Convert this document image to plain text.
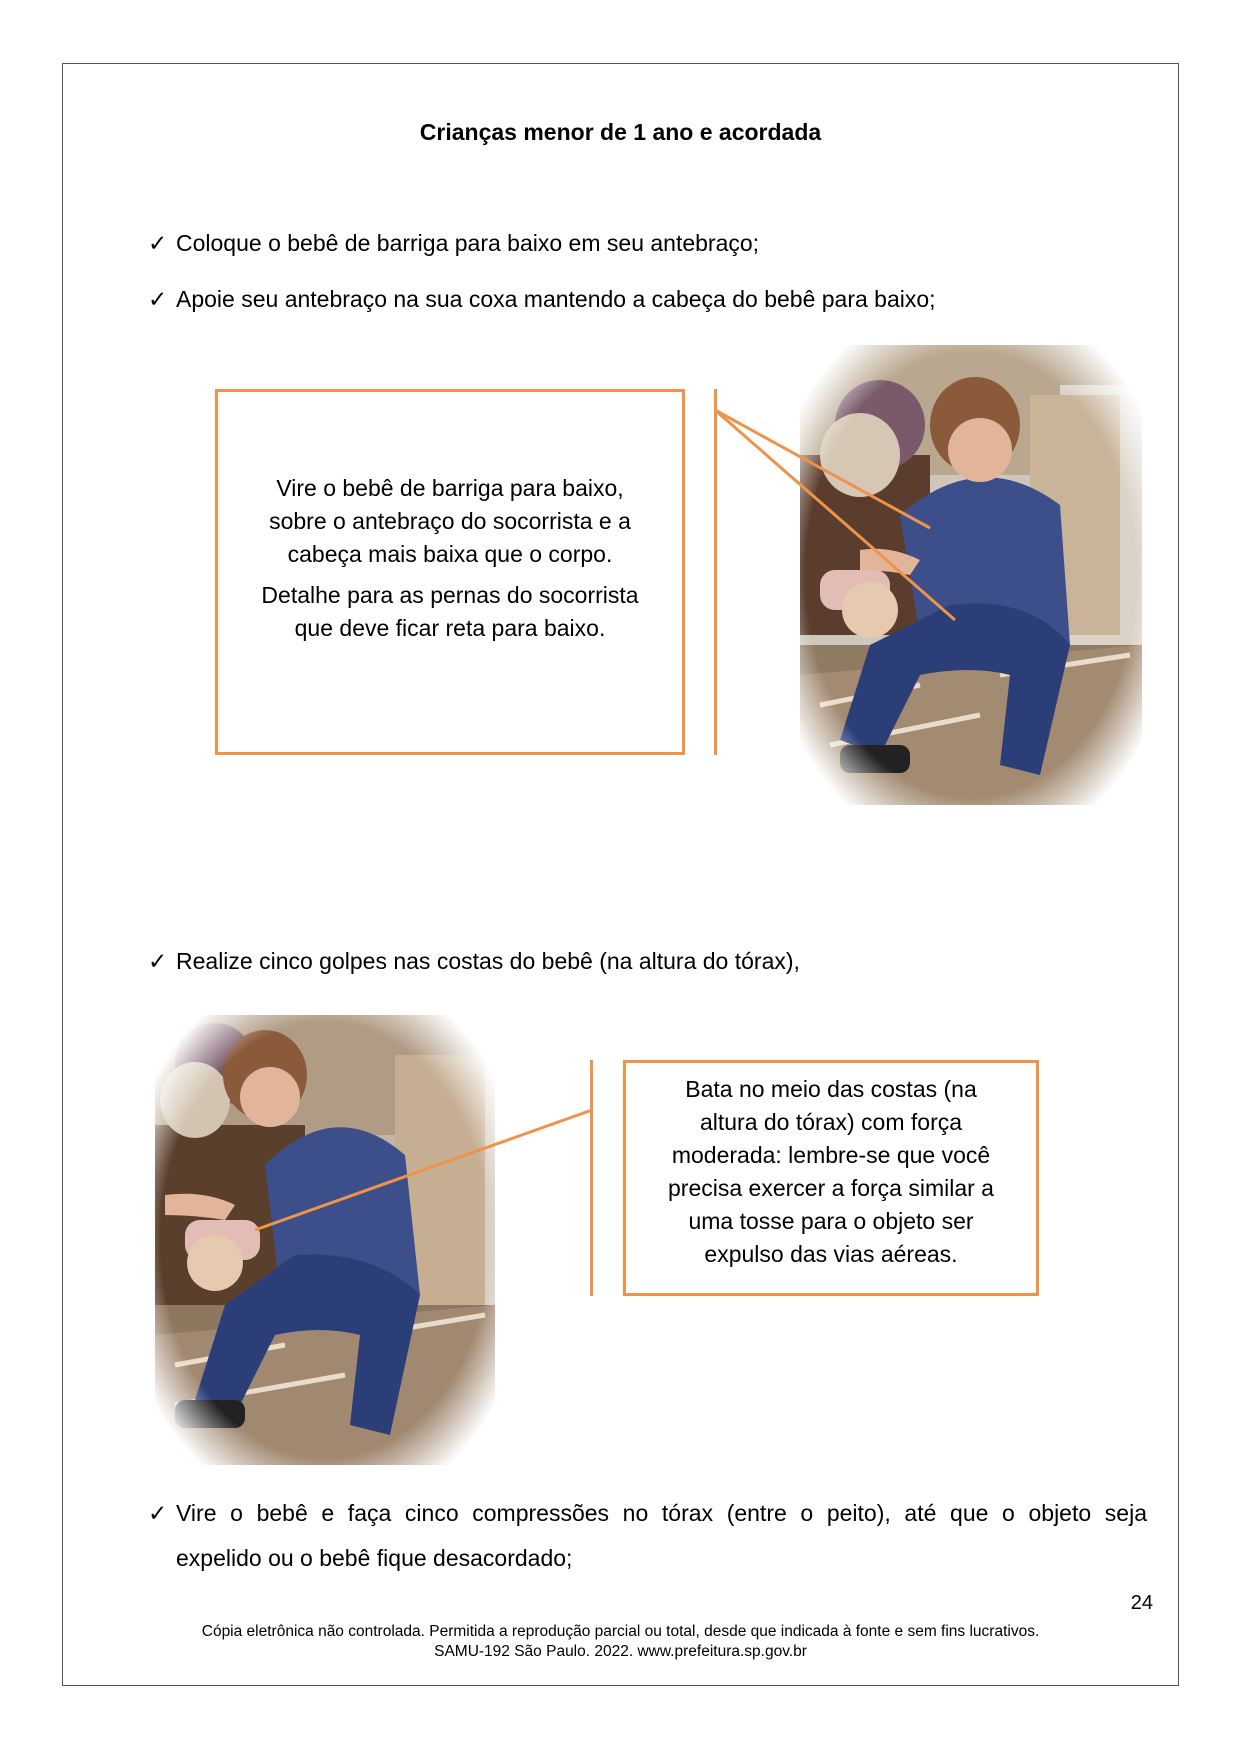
Crianças menor de 1 ano e acordada
✓ Coloque o bebê de barriga para baixo em seu antebraço;
✓ Apoie seu antebraço na sua coxa mantendo a cabeça do bebê para baixo;
Vire o bebê de barriga para baixo,
sobre o antebraço do socorrista e a
cabeça mais baixa que o corpo.
Detalhe para as pernas do socorrista
que deve ficar reta para baixo.
✓ Realize cinco golpes nas costas do bebê (na altura do tórax),
Bata no meio das costas (na
altura do tórax) com força
moderada: lembre-se que você
precisa exercer a força similar a
uma tosse para o objeto ser
expulso das vias aéreas.
✓ Vire o bebê e faça cinco compressões no tórax (entre o peito), até que o objeto seja
expelido ou o bebê fique desacordado;
24
Cópia eletrônica não controlada. Permitida a reprodução parcial ou total, desde que indicada à fonte e sem fins lucrativos.
SAMU-192 São Paulo. 2022. www.prefeitura.sp.gov.br
